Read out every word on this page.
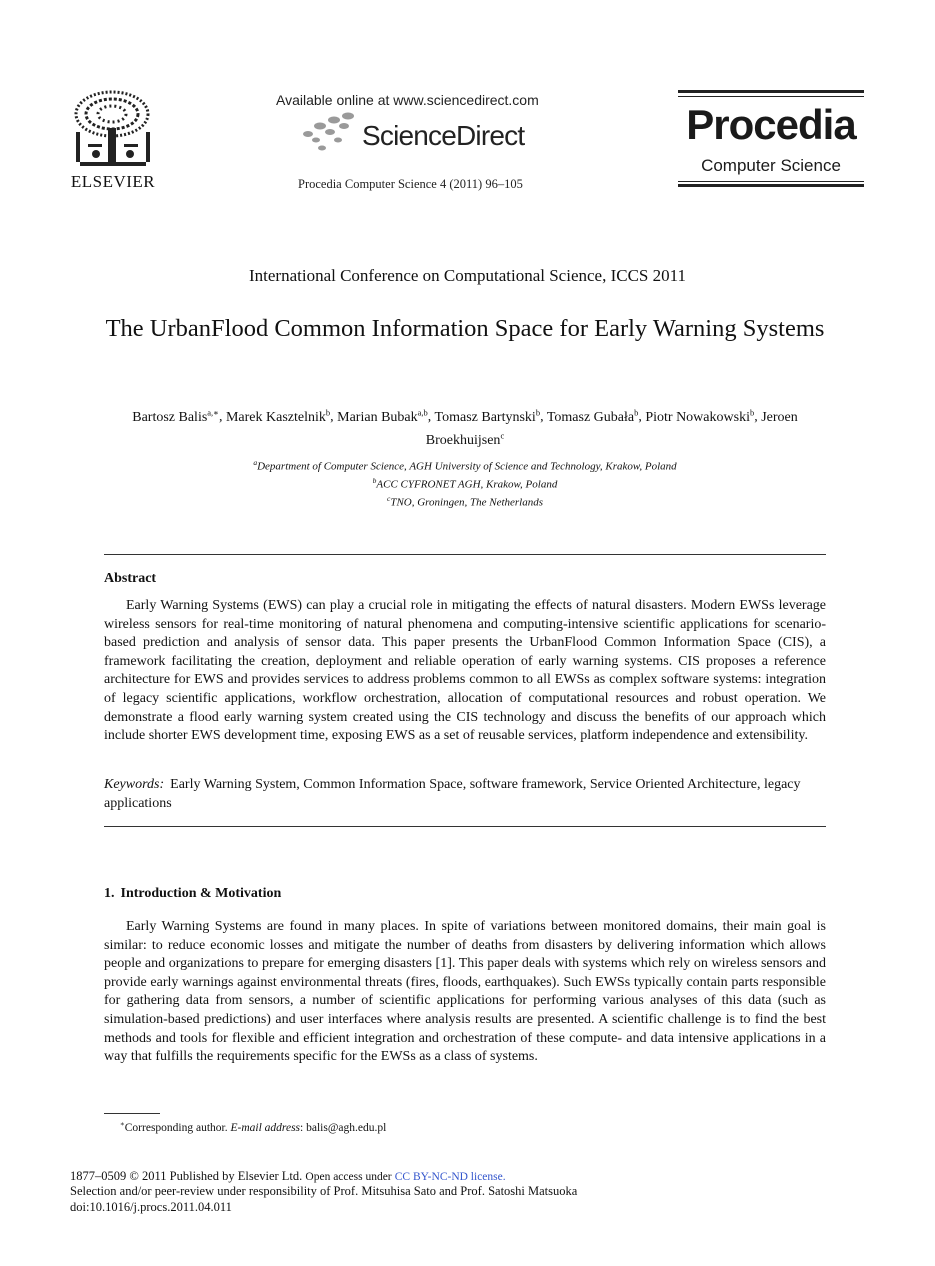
ELSEVIER
Available online at www.sciencedirect.com
ScienceDirect
Procedia Computer Science 4 (2011) 96–105
Procedia
Computer Science
International Conference on Computational Science, ICCS 2011
The UrbanFlood Common Information Space for Early Warning Systems
Bartosz Balis$^{a,∗}$, Marek Kasztelnik$^b$, Marian Bubak$^{a,b}$, Tomasz Bartynski$^b$, Tomasz Gubała$^b$, Piotr Nowakowski$^b$, Jeroen Broekhuijsen$^c$
$^a$Department of Computer Science, AGH University of Science and Technology, Krakow, Poland
$^b$ACC CYFRONET AGH, Krakow, Poland
$^c$TNO, Groningen, The Netherlands
Abstract
Early Warning Systems (EWS) can play a crucial role in mitigating the effects of natural disasters. Modern EWSs leverage wireless sensors for real-time monitoring of natural phenomena and computing-intensive scientific applications for scenario-based prediction and analysis of sensor data. This paper presents the UrbanFlood Common Information Space (CIS), a framework facilitating the creation, deployment and reliable operation of early warning systems. CIS proposes a reference architecture for EWS and provides services to address problems common to all EWSs as complex software systems: integration of legacy scientific applications, workflow orchestration, allocation of computational resources and robust operation. We demonstrate a flood early warning system created using the CIS technology and discuss the benefits of our approach which include shorter EWS development time, exposing EWS as a set of reusable services, platform independence and extensibility.
Keywords: Early Warning System, Common Information Space, software framework, Service Oriented Architecture, legacy applications
1. Introduction & Motivation
Early Warning Systems are found in many places. In spite of variations between monitored domains, their main goal is similar: to reduce economic losses and mitigate the number of deaths from disasters by delivering information which allows people and organizations to prepare for emerging disasters [1]. This paper deals with systems which rely on wireless sensors and provide early warnings against environmental threats (fires, floods, earthquakes). Such EWSs typically contain parts responsible for gathering data from sensors, a number of scientific applications for performing various analyses of this data (such as simulation-based predictions) and user interfaces where analysis results are presented. A scientific challenge is to find the best methods and tools for flexible and efficient integration and orchestration of these compute- and data intensive applications in a way that fulfills the requirements specific for the EWSs as a class of systems.
∗Corresponding author. E-mail address: balis@agh.edu.pl
1877–0509 © 2011 Published by Elsevier Ltd. Open access under CC BY-NC-ND license.
Selection and/or peer-review under responsibility of Prof. Mitsuhisa Sato and Prof. Satoshi Matsuoka
doi:10.1016/j.procs.2011.04.011
